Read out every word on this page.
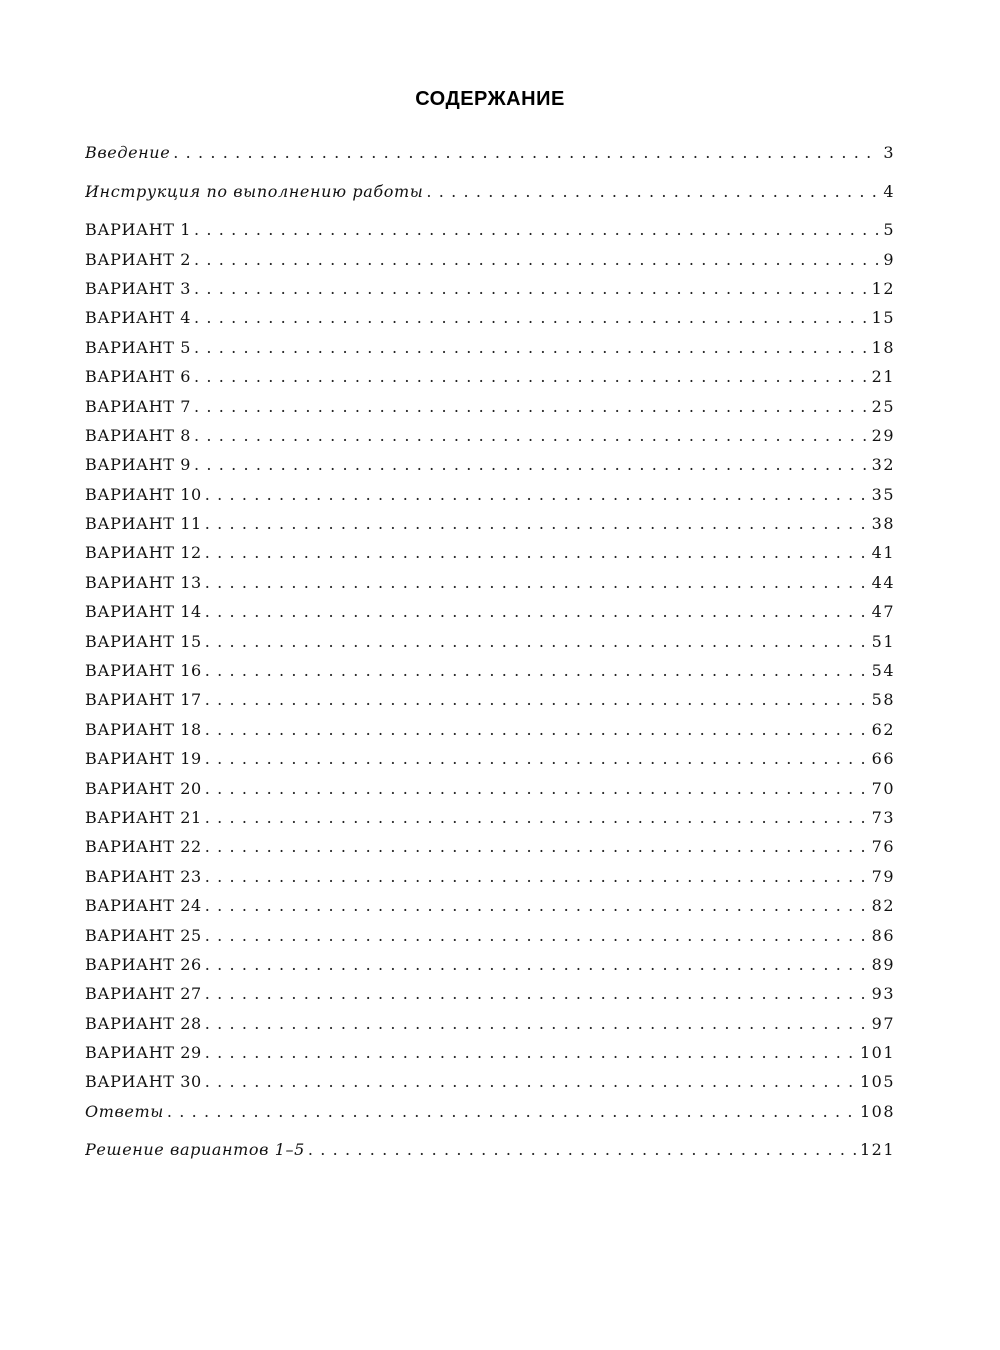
СОДЕРЖАНИЕ
Введение . . .	3
Инструкция по выполнению работы . . .	4
ВАРИАНТ 1 . . .	5
ВАРИАНТ 2 . . .	9
ВАРИАНТ 3 . . .	12
ВАРИАНТ 4 . . .	15
ВАРИАНТ 5 . . .	18
ВАРИАНТ 6 . . .	21
ВАРИАНТ 7 . . .	25
ВАРИАНТ 8 . . .	29
ВАРИАНТ 9 . . .	32
ВАРИАНТ 10 . . .	35
ВАРИАНТ 11 . . .	38
ВАРИАНТ 12 . . .	41
ВАРИАНТ 13 . . .	44
ВАРИАНТ 14 . . .	47
ВАРИАНТ 15 . . .	51
ВАРИАНТ 16 . . .	54
ВАРИАНТ 17 . . .	58
ВАРИАНТ 18 . . .	62
ВАРИАНТ 19 . . .	66
ВАРИАНТ 20 . . .	70
ВАРИАНТ 21 . . .	73
ВАРИАНТ 22 . . .	76
ВАРИАНТ 23 . . .	79
ВАРИАНТ 24 . . .	82
ВАРИАНТ 25 . . .	86
ВАРИАНТ 26 . . .	89
ВАРИАНТ 27 . . .	93
ВАРИАНТ 28 . . .	97
ВАРИАНТ 29 . . .	101
ВАРИАНТ 30 . . .	105
Ответы . . .	108
Решение вариантов 1–5 . . .	121
